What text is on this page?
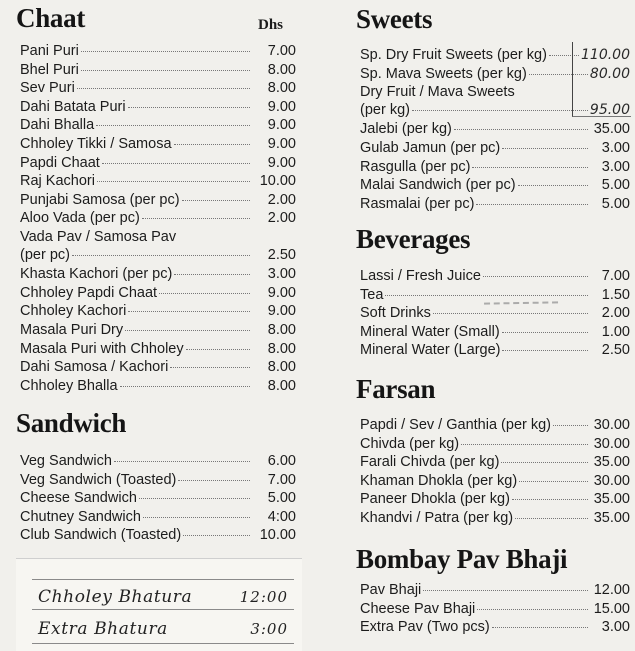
Chaat	Dhs
Pani Puri	7.00
Bhel Puri	8.00
Sev Puri	8.00
Dahi Batata Puri	9.00
Dahi Bhalla	9.00
Chholey Tikki / Samosa	9.00
Papdi Chaat	9.00
Raj Kachori	10.00
Punjabi Samosa (per pc)	2.00
Aloo Vada (per pc)	2.00
Vada Pav / Samosa Pav
(per pc)	2.50
Khasta Kachori (per pc)	3.00
Chholey Papdi Chaat	9.00
Chholey Kachori	9.00
Masala Puri Dry	8.00
Masala Puri with Chholey	8.00
Dahi Samosa / Kachori	8.00
Chholey Bhalla	8.00
Sandwich
Veg Sandwich	6.00
Veg Sandwich (Toasted)	7.00
Cheese Sandwich	5.00
Chutney Sandwich	4:00
Club Sandwich (Toasted)	10.00
Chholey Bhatura	12:00
Extra Bhatura	3:00
Sweets
Sp. Dry Fruit Sweets (per kg) 110.00
Sp. Mava Sweets (per kg)	80.00
Dry Fruit / Mava Sweets
(per kg)	95.00
Jalebi (per kg)	35.00
Gulab Jamun (per pc)	3.00
Rasgulla (per pc)	3.00
Malai Sandwich (per pc)	5.00
Rasmalai (per pc)	5.00
Beverages
Lassi / Fresh Juice	7.00
Tea	1.50
Soft Drinks	2.00
Mineral Water (Small)	1.00
Mineral Water (Large)	2.50
Farsan
Papdi / Sev / Ganthia (per kg)	30.00
Chivda (per kg)	30.00
Farali Chivda (per kg)	35.00
Khaman Dhokla (per kg)	30.00
Paneer Dhokla (per kg)	35.00
Khandvi / Patra (per kg)	35.00
Bombay Pav Bhaji
Pav Bhaji	12.00
Cheese Pav Bhaji	15.00
Extra Pav (Two pcs)	3.00
